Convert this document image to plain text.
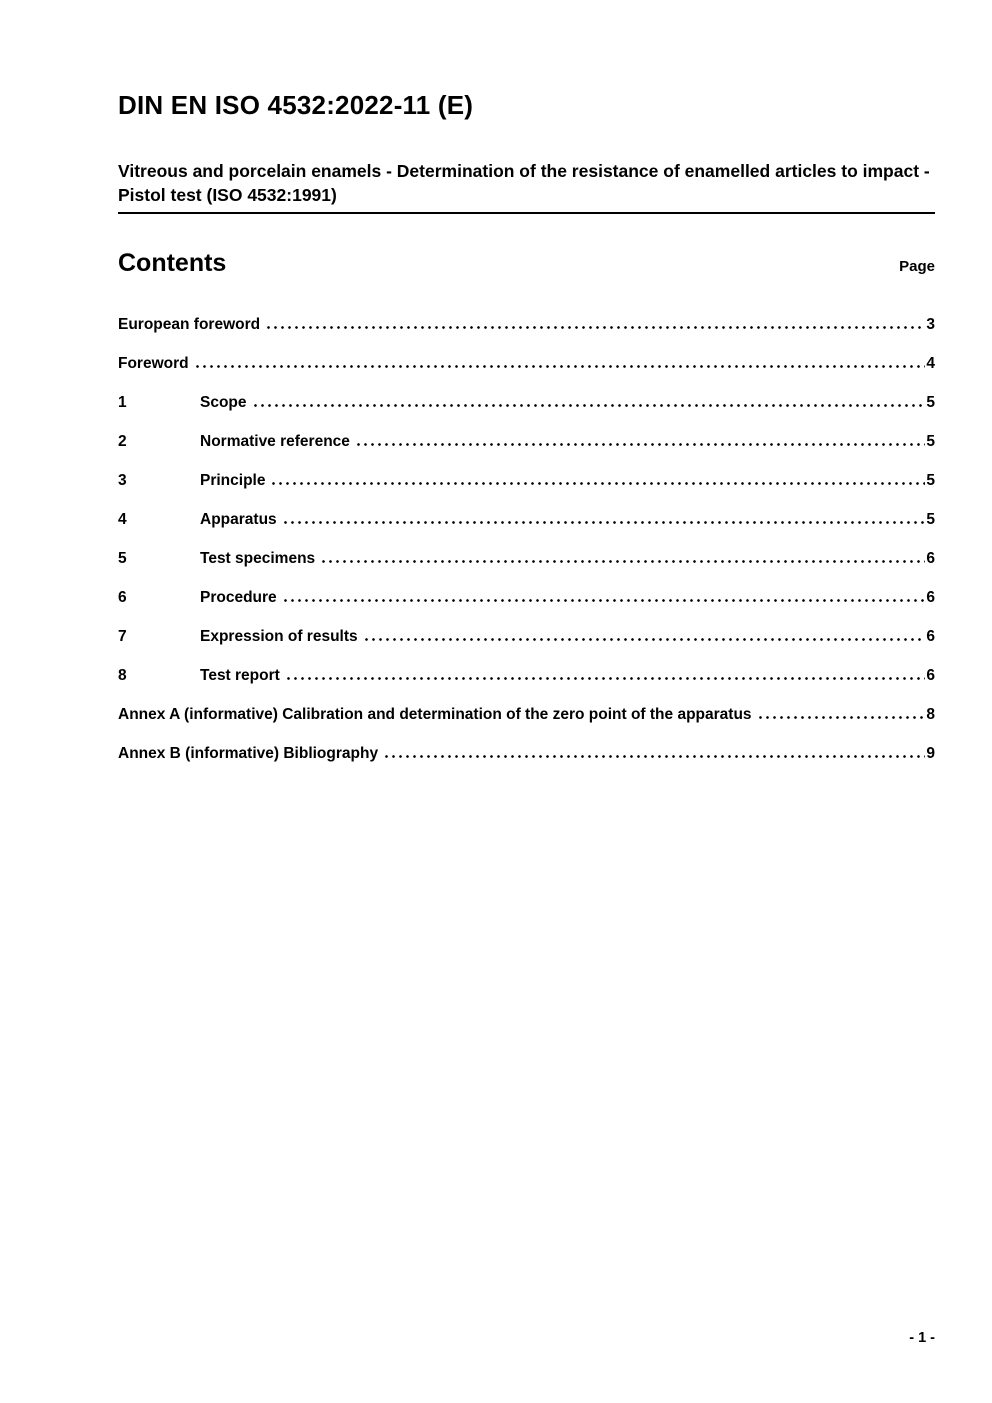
DIN EN ISO 4532:2022-11 (E)
Vitreous and porcelain enamels - Determination of the resistance of enamelled articles to impact - Pistol test (ISO 4532:1991)
Contents	Page
European foreword	3
Foreword	4
1	Scope	5
2	Normative reference	5
3	Principle	5
4	Apparatus	5
5	Test specimens	6
6	Procedure	6
7	Expression of results	6
8	Test report	6
Annex A (informative) Calibration and determination of the zero point of the apparatus	8
Annex B (informative) Bibliography	9
- 1 -
